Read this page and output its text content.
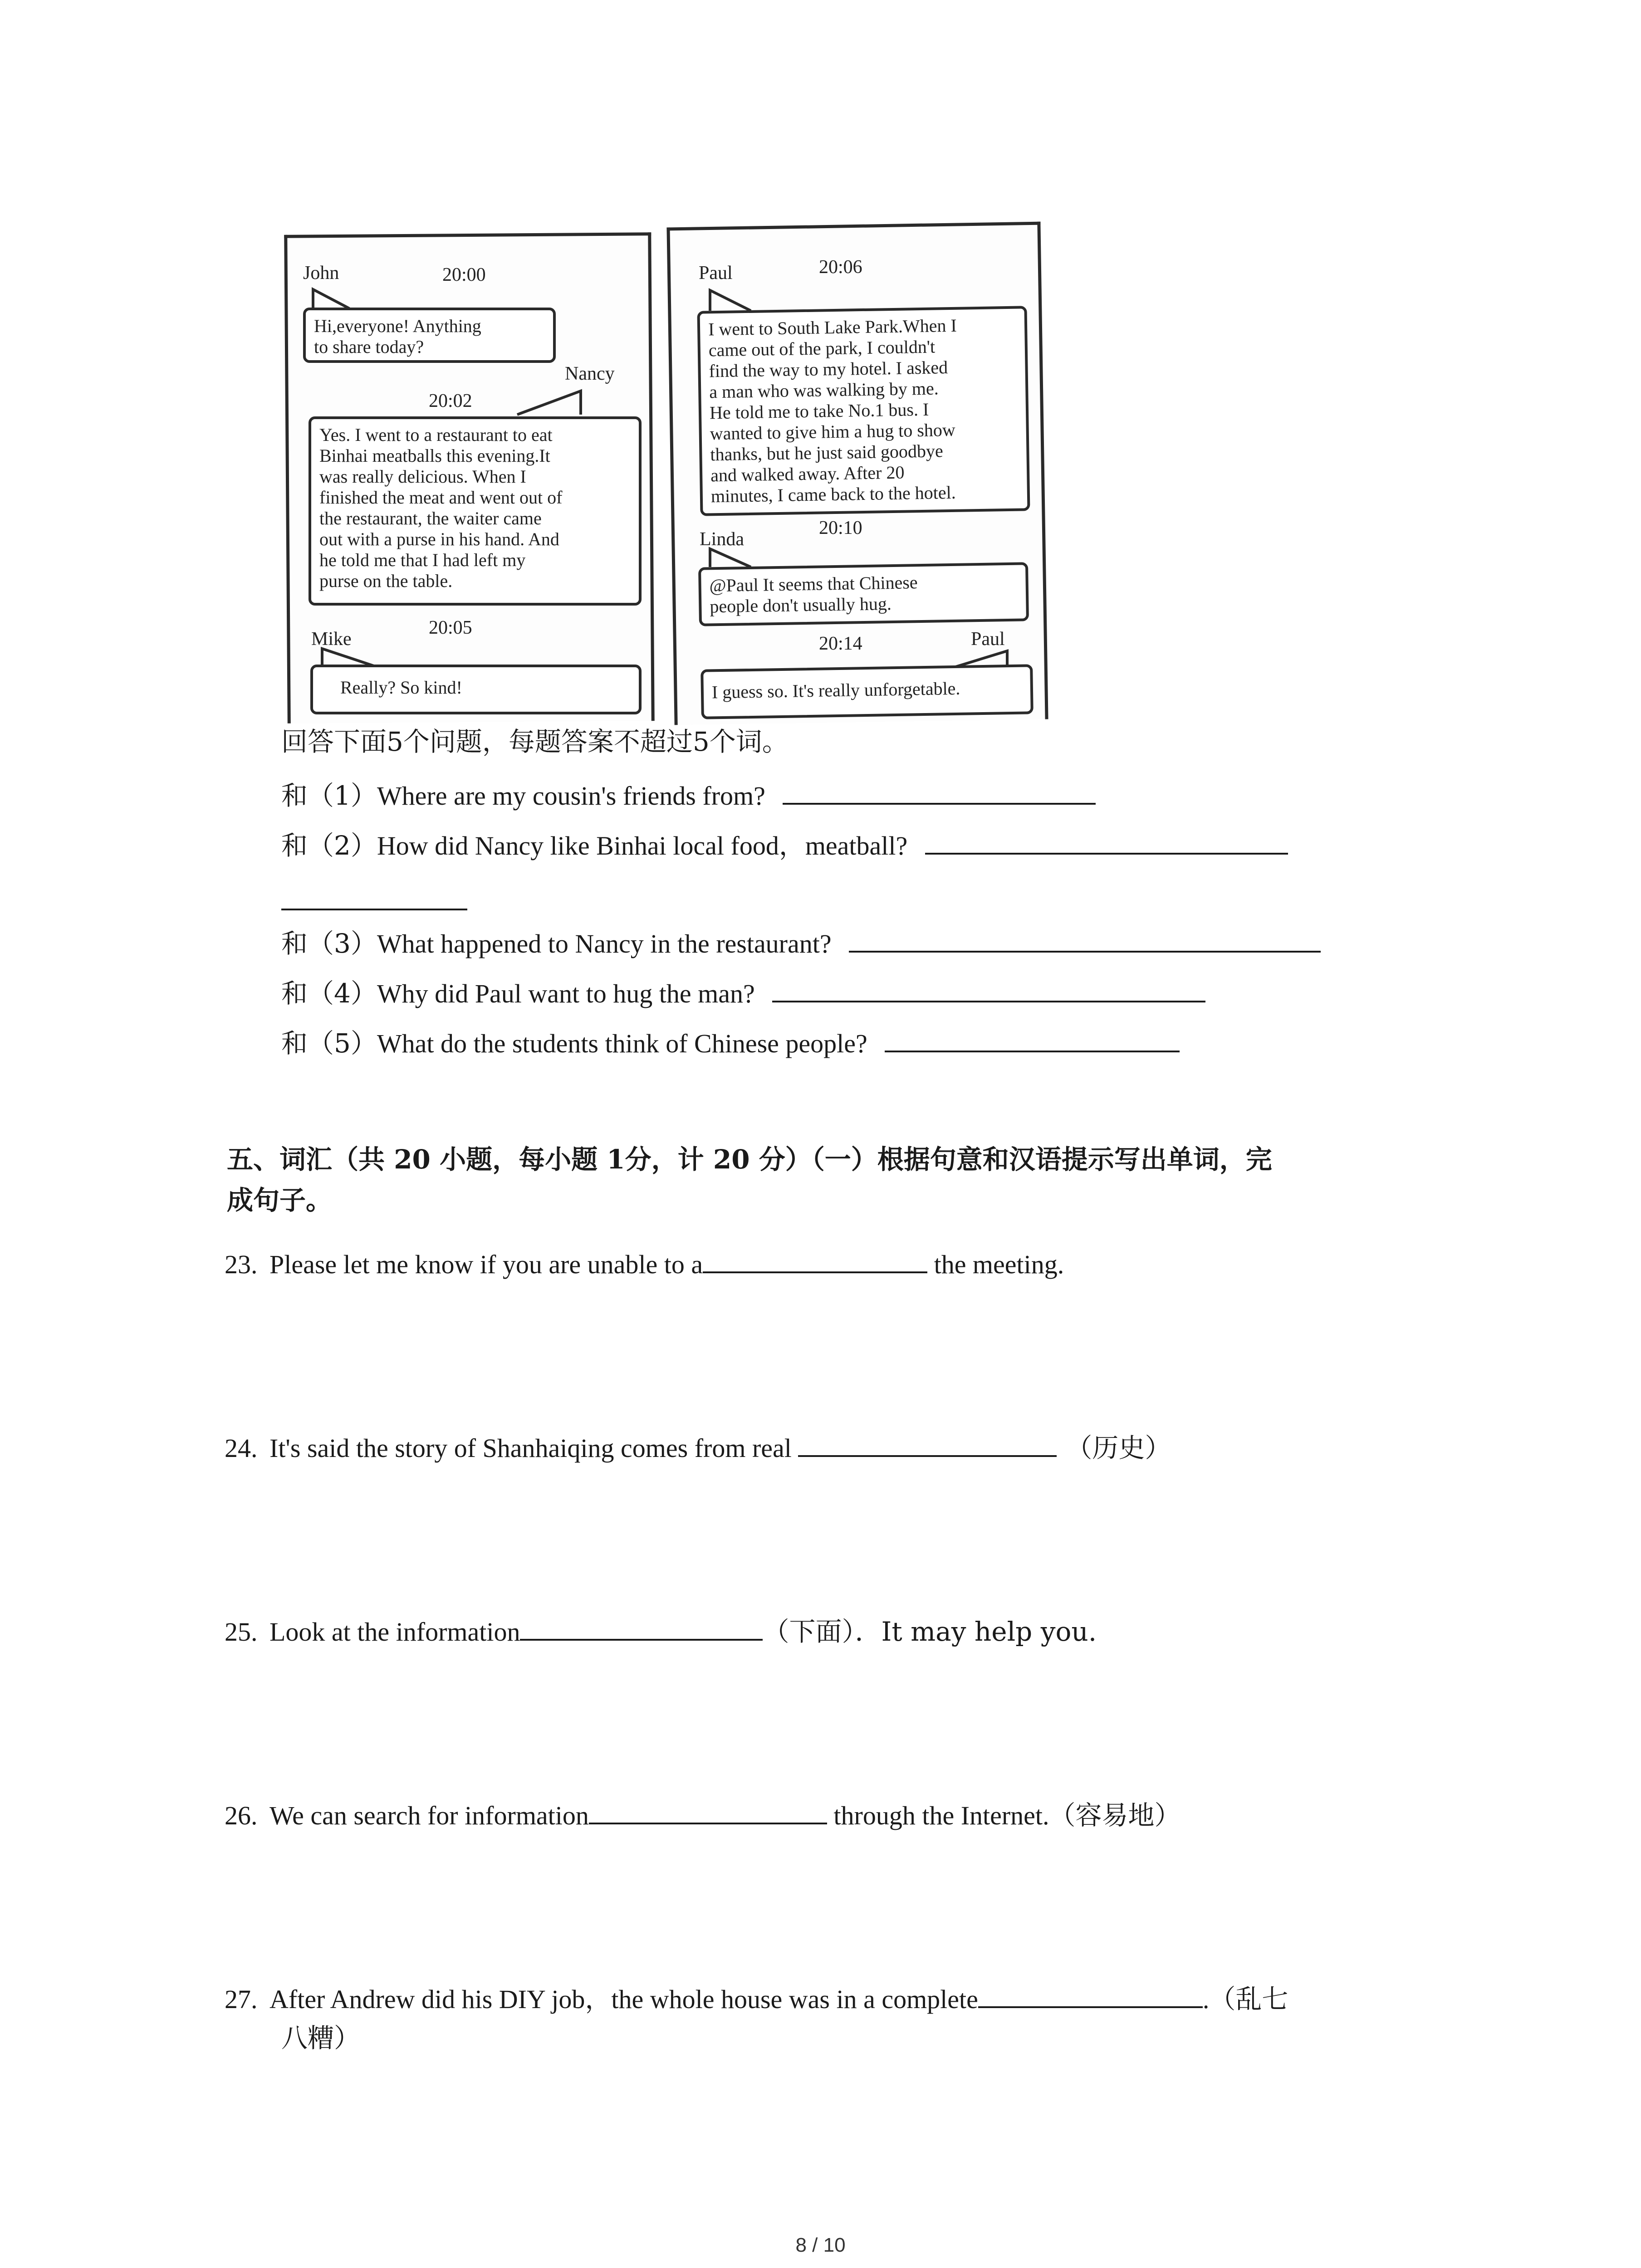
John	20:00
Hi,everyone! Anything
to share today?
Nancy
20:02
Yes. I went to a restaurant to eat
Binhai meatballs this evening.It
was really delicious. When I
finished the meat and went out of
the restaurant, the waiter came
out with a purse in his hand. And
he told me that I had left my
purse on the table.
Mike
20:05
Really? So kind!
Paul	20:06
I went to South Lake Park.When I
came out of the park, I couldn't
find the way to my hotel. I asked
a man who was walking by me.
He told me to take No.1 bus. I
wanted to give him a hug to show
thanks, but he just said goodbye
and walked away. After 20
minutes, I came back to the hotel.
Linda
20:10
@Paul It seems that Chinese
people don't usually hug.
Paul
20:14
I guess so. It's really unforgetable.
回答下面5个问题，每题答案不超过5个词。
和（1）Where are my cousin's friends from?
和（2）How did Nancy like Binhai local food，meatball?
和（3）What happened to Nancy in the restaurant?
和（4）Why did Paul want to hug the man?
和（5）What do the students think of Chinese people?
五、词汇（共 20 小题，每小题 1分，计 20 分）（一）根据句意和汉语提示写出单词，完
成句子。
23. Please let me know if you are unable to a	the meeting.
24. It's said the story of Shanhaiqing comes from real	（历史）
25. Look at the information	（下面）．It may help you.
26. We can search for information	through the Internet.（容易地）
27. After Andrew did his DIY job，the whole house was in a complete	.（乱七
八糟）
8 / 10
